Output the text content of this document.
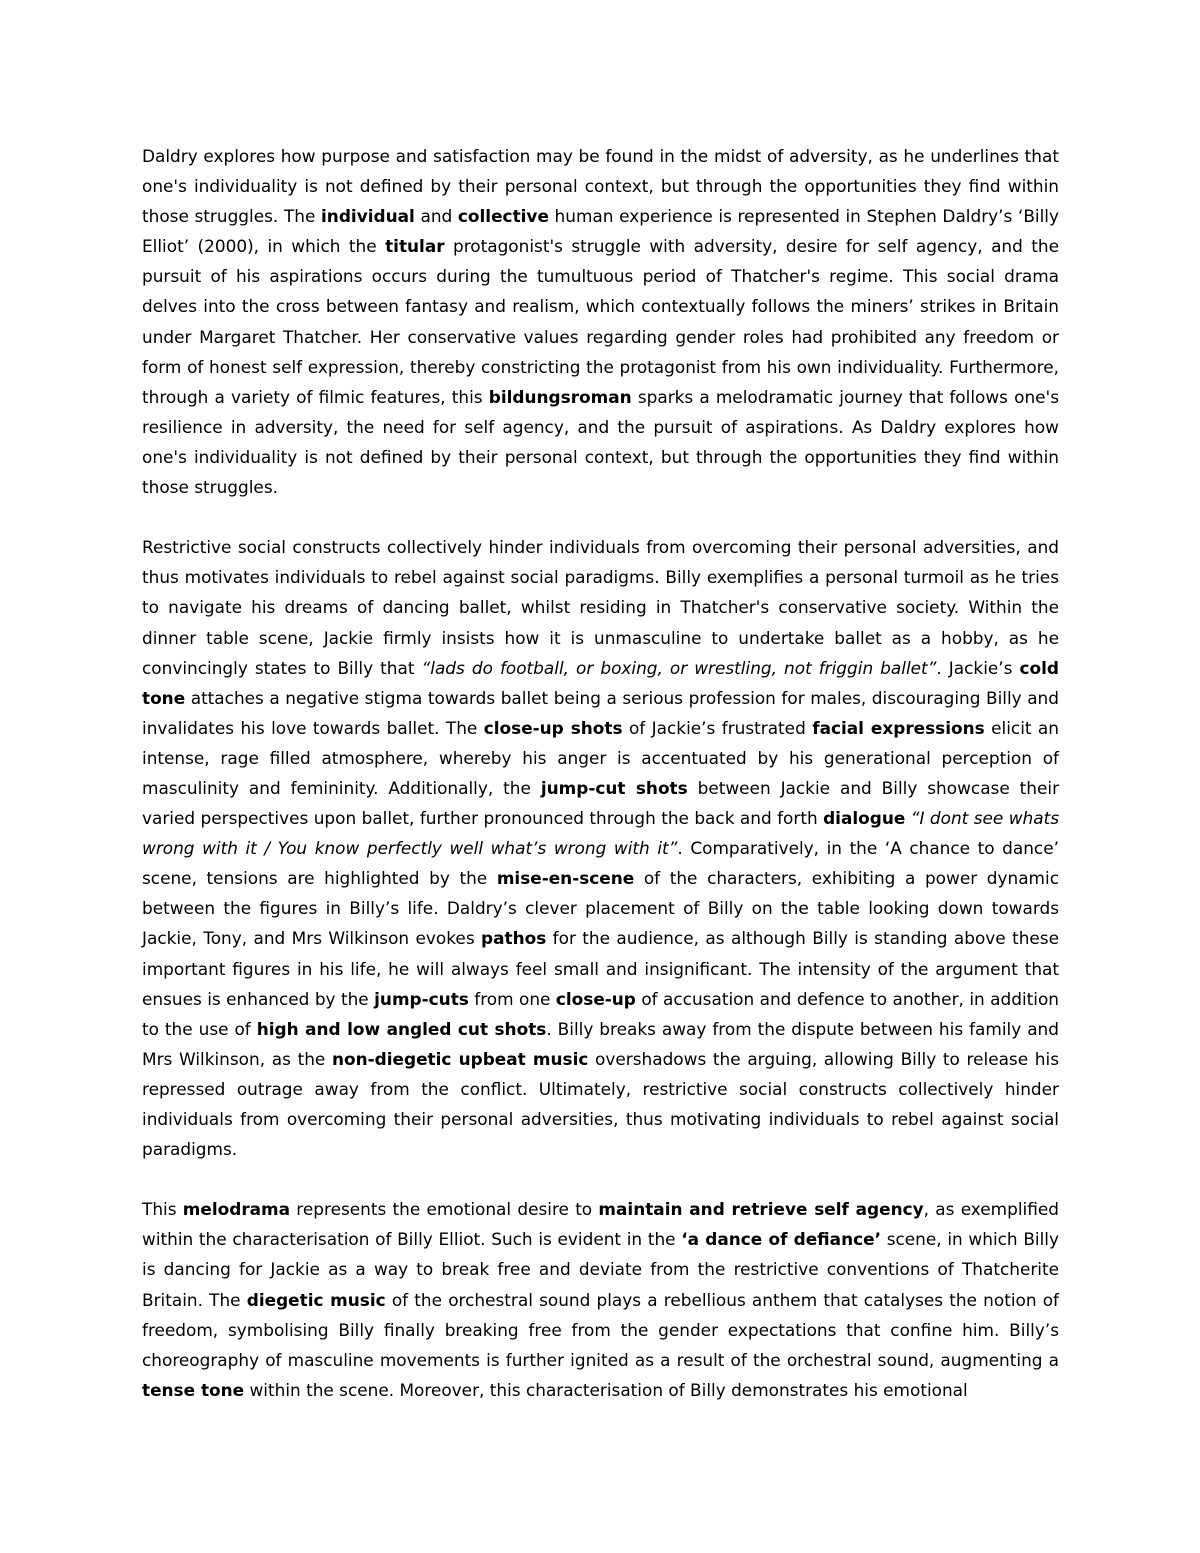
Daldry explores how purpose and satisfaction may be found in the midst of adversity, as he underlines that one's individuality is not defined by their personal context, but through the opportunities they find within those struggles. The individual and collective human experience is represented in Stephen Daldry’s ‘Billy Elliot’ (2000), in which the titular protagonist's struggle with adversity, desire for self agency, and the pursuit of his aspirations occurs during the tumultuous period of Thatcher's regime. This social drama delves into the cross between fantasy and realism, which contextually follows the miners’ strikes in Britain under Margaret Thatcher. Her conservative values regarding gender roles had prohibited any freedom or form of honest self expression, thereby constricting the protagonist from his own individuality. Furthermore, through a variety of filmic features, this bildungsroman sparks a melodramatic journey that follows one's resilience in adversity, the need for self agency, and the pursuit of aspirations. As Daldry explores how one's individuality is not defined by their personal context, but through the opportunities they find within those struggles.

Restrictive social constructs collectively hinder individuals from overcoming their personal adversities, and thus motivates individuals to rebel against social paradigms. Billy exemplifies a personal turmoil as he tries to navigate his dreams of dancing ballet, whilst residing in Thatcher's conservative society. Within the dinner table scene, Jackie firmly insists how it is unmasculine to undertake ballet as a hobby, as he convincingly states to Billy that “lads do football, or boxing, or wrestling, not friggin ballet”. Jackie’s cold tone attaches a negative stigma towards ballet being a serious profession for males, discouraging Billy and invalidates his love towards ballet. The close-up shots of Jackie’s frustrated facial expressions elicit an intense, rage filled atmosphere, whereby his anger is accentuated by his generational perception of masculinity and femininity. Additionally, the jump-cut shots between Jackie and Billy showcase their varied perspectives upon ballet, further pronounced through the back and forth dialogue “I dont see whats wrong with it / You know perfectly well what’s wrong with it”. Comparatively, in the ‘A chance to dance’ scene, tensions are highlighted by the mise-en-scene of the characters, exhibiting a power dynamic between the figures in Billy’s life. Daldry’s clever placement of Billy on the table looking down towards Jackie, Tony, and Mrs Wilkinson evokes pathos for the audience, as although Billy is standing above these important figures in his life, he will always feel small and insignificant. The intensity of the argument that ensues is enhanced by the jump-cuts from one close-up of accusation and defence to another, in addition to the use of high and low angled cut shots. Billy breaks away from the dispute between his family and Mrs Wilkinson, as the non-diegetic upbeat music overshadows the arguing, allowing Billy to release his repressed outrage away from the conflict. Ultimately, restrictive social constructs collectively hinder individuals from overcoming their personal adversities, thus motivating individuals to rebel against social paradigms.

This melodrama represents the emotional desire to maintain and retrieve self agency, as exemplified within the characterisation of Billy Elliot. Such is evident in the ‘a dance of defiance’ scene, in which Billy is dancing for Jackie as a way to break free and deviate from the restrictive conventions of Thatcherite Britain. The diegetic music of the orchestral sound plays a rebellious anthem that catalyses the notion of freedom, symbolising Billy finally breaking free from the gender expectations that confine him. Billy’s choreography of masculine movements is further ignited as a result of the orchestral sound, augmenting a tense tone within the scene. Moreover, this characterisation of Billy demonstrates his emotional
